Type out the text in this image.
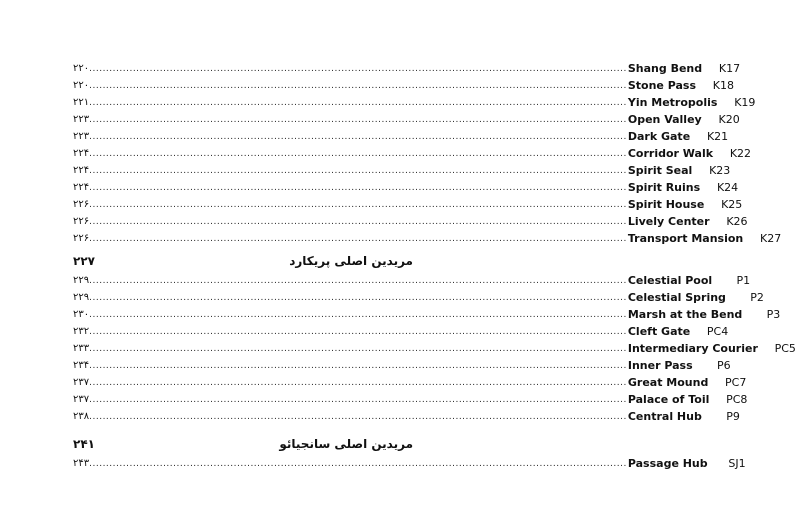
۲۲۰ ................................................................................................................................................................ Shang Bend	K17
۲۲۰ ................................................................................................................................................................ Stone Pass	K18
۲۲۱ ................................................................................................................................................................ Yin Metropolis	K19
۲۲۳ ................................................................................................................................................................ Open Valley	K20
۲۲۳ ................................................................................................................................................................ Dark Gate	K21
۲۲۴ ................................................................................................................................................................ Corridor Walk	K22
۲۲۴ ................................................................................................................................................................ Spirit Seal	K23
۲۲۴ ................................................................................................................................................................ Spirit Ruins	K24
۲۲۶ ................................................................................................................................................................ Spirit House	K25
۲۲۶ ................................................................................................................................................................ Lively Center	K26
۲۲۶ ................................................................................................................................................................ Transport Mansion	K27
۲۲۷	مریدین اصلی پریکارد
۲۲۹ ................................................................................................................................................................ Celestial Pool	P1
۲۲۹ ................................................................................................................................................................ Celestial Spring	P2
۲۳۰ ................................................................................................................................................................ Marsh at the Bend	P3
۲۳۲ ................................................................................................................................................................ Cleft Gate	PC4
۲۳۳ ................................................................................................................................................................ Intermediary Courier	PC5
۲۳۴ ................................................................................................................................................................ Inner Pass	P6
۲۳۷ ................................................................................................................................................................ Great Mound	PC7
۲۳۷ ................................................................................................................................................................ Palace of Toil	PC8
۲۳۸ ................................................................................................................................................................ Central Hub	P9
۲۴۱	مریدین اصلی سانجیائو
۲۴۳ ................................................................................................................................................................ Passage Hub	SJ1
